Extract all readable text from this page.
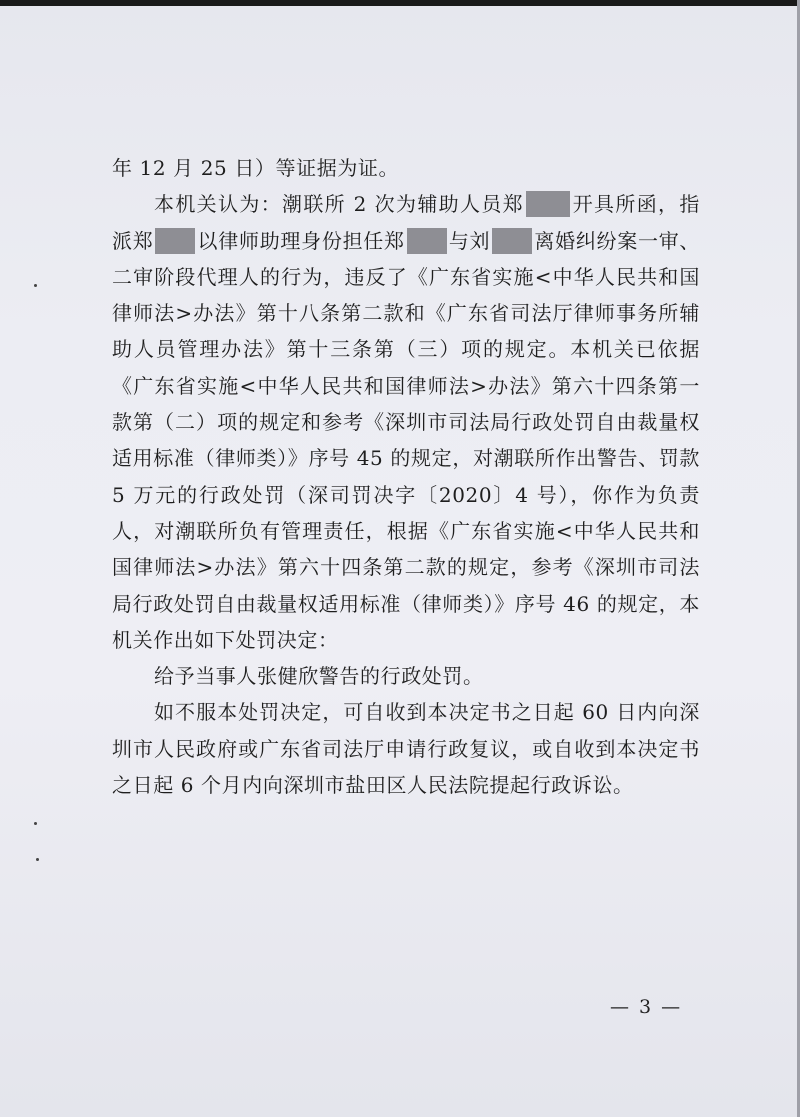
年 12 月 25 日）等证据为证。

本机关认为：潮联所 2 次为辅助人员郑 开具所函，指派郑 以律师助理身份担任郑 与刘 离婚纠纷案一审、二审阶段代理人的行为，违反了《广东省实施<中华人民共和国律师法>办法》第十八条第二款和《广东省司法厅律师事务所辅助人员管理办法》第十三条第（三）项的规定。本机关已依据《广东省实施<中华人民共和国律师法>办法》第六十四条第一款第（二）项的规定和参考《深圳市司法局行政处罚自由裁量权适用标准（律师类）》序号 45 的规定，对潮联所作出警告、罚款 5 万元的行政处罚（深司罚决字〔2020〕4 号），你作为负责人，对潮联所负有管理责任，根据《广东省实施<中华人民共和国律师法>办法》第六十四条第二款的规定，参考《深圳市司法局行政处罚自由裁量权适用标准（律师类）》序号 46 的规定，本机关作出如下处罚决定：

给予当事人张健欣警告的行政处罚。

如不服本处罚决定，可自收到本决定书之日起 60 日内向深圳市人民政府或广东省司法厅申请行政复议，或自收到本决定书之日起 6 个月内向深圳市盐田区人民法院提起行政诉讼。

— 3 —
